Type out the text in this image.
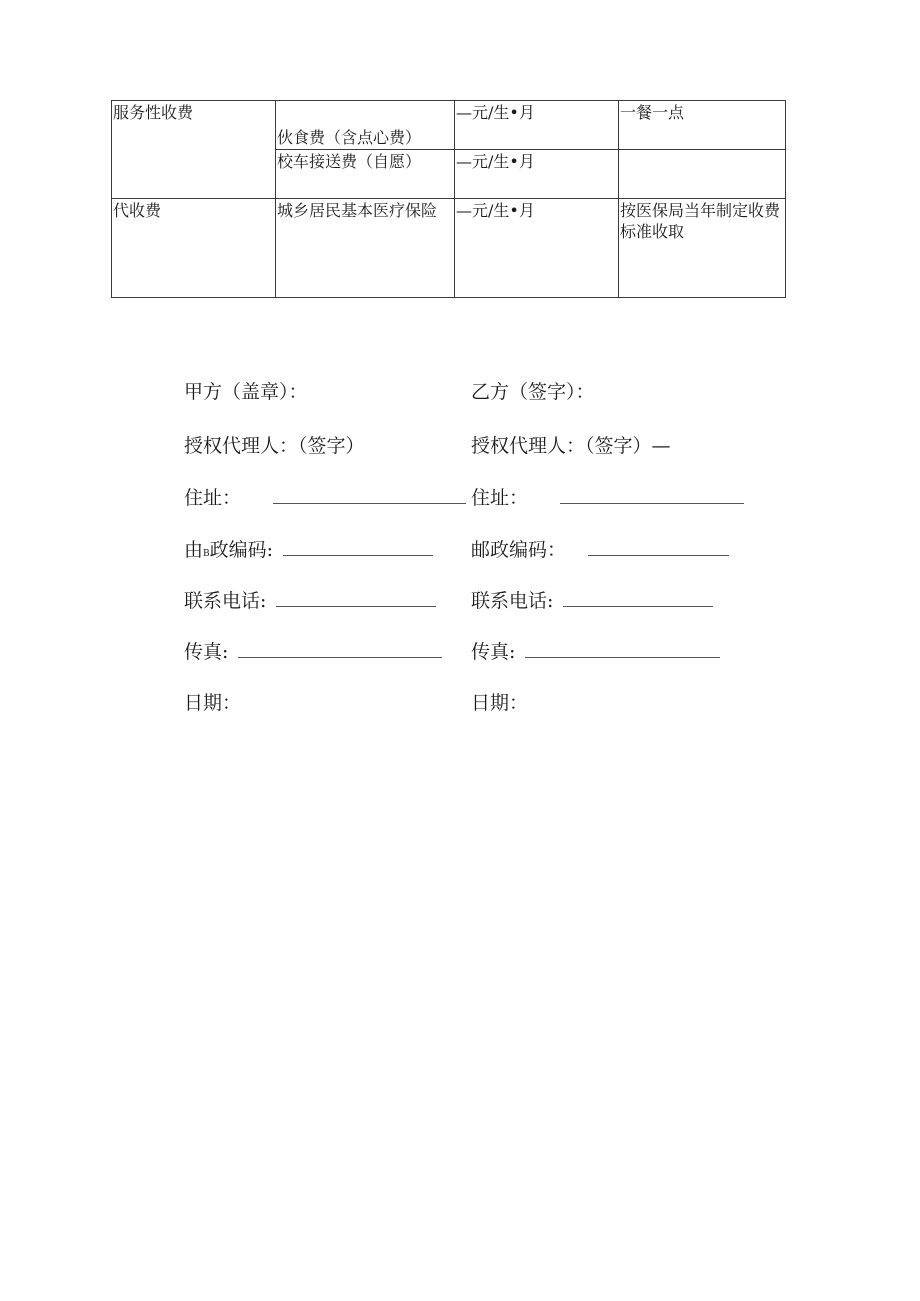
服务性收费	伙食费（含点心费）	—元/生•月	一餐一点
	校车接送费（自愿）	—元/生•月	
代收费	城乡居民基本医疗保险	—元/生•月	按医保局当年制定收费标准收取
甲方（盖章）：
授权代理人：（签字）
住址：
由B政编码:
联系电话:
传真:
日期：
乙方（签字）：
授权代理人：（签字）—
住址：
邮政编码：
联系电话:
传真:
日期：
